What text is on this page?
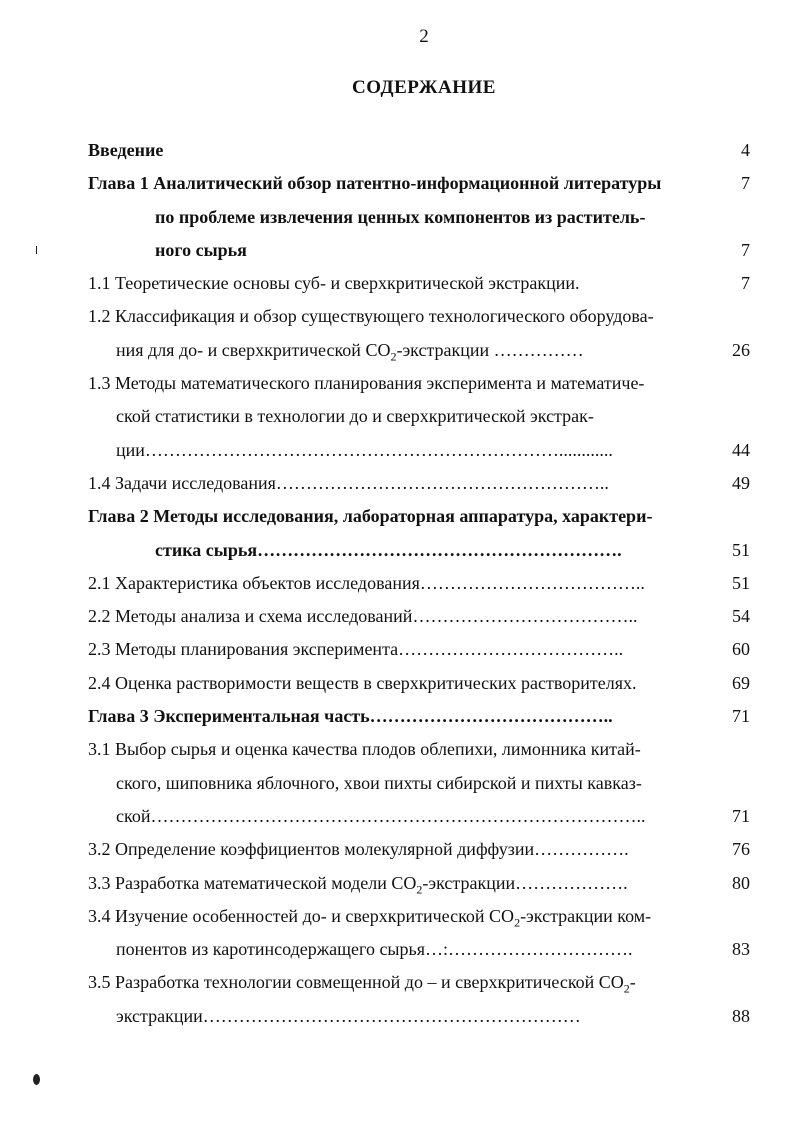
2
СОДЕРЖАНИЕ
Введение	4
Глава 1 Аналитический обзор патентно-информационной литературы	7
по проблеме извлечения ценных компонентов из раститель-
ного сырья	7
1.1 Теоретические основы суб- и сверхкритической экстракции.	7
1.2 Классификация и обзор существующего технологического оборудова-
ния для до- и сверхкритической $CO_2$-экстракции ……………	26
1.3 Методы математического планирования эксперимента и математиче-
ской статистики в технологии до и сверхкритической экстрак-
ции……………………………………………………………............	44
1.4 Задачи исследования………………………………………………..	49
Глава 2 Методы исследования, лабораторная аппаратура, характери-
стика сырья…………………………………………………….	51
2.1 Характеристика объектов исследования………………………………..	51
2.2 Методы анализа и схема исследований………………………………..	54
2.3 Методы планирования эксперимента………………………………..	60
2.4 Оценка растворимости веществ в сверхкритических растворителях.	69
Глава 3 Экспериментальная часть…………………………………..	71
3.1 Выбор сырья и оценка качества плодов облепихи, лимонника китай-
ского, шиповника яблочного, хвои пихты сибирской и пихты кавказ-
ской………………………………………………………………………..	71
3.2 Определение коэффициентов молекулярной диффузии…………….	76
3.3 Разработка математической модели $CO_2-экстракции\dots\dots\dots\dots\dots\dots$.	80
3.4 Изучение особенностей до- и сверхкритической $CO_2$-экстракции ком-
понентов из каротинсодержащего сырья…:………………………….	83
3.5 Разработка технологии совмещенной до – и сверхкритической $CO_2-$
экстракции………………………………………………………	88
